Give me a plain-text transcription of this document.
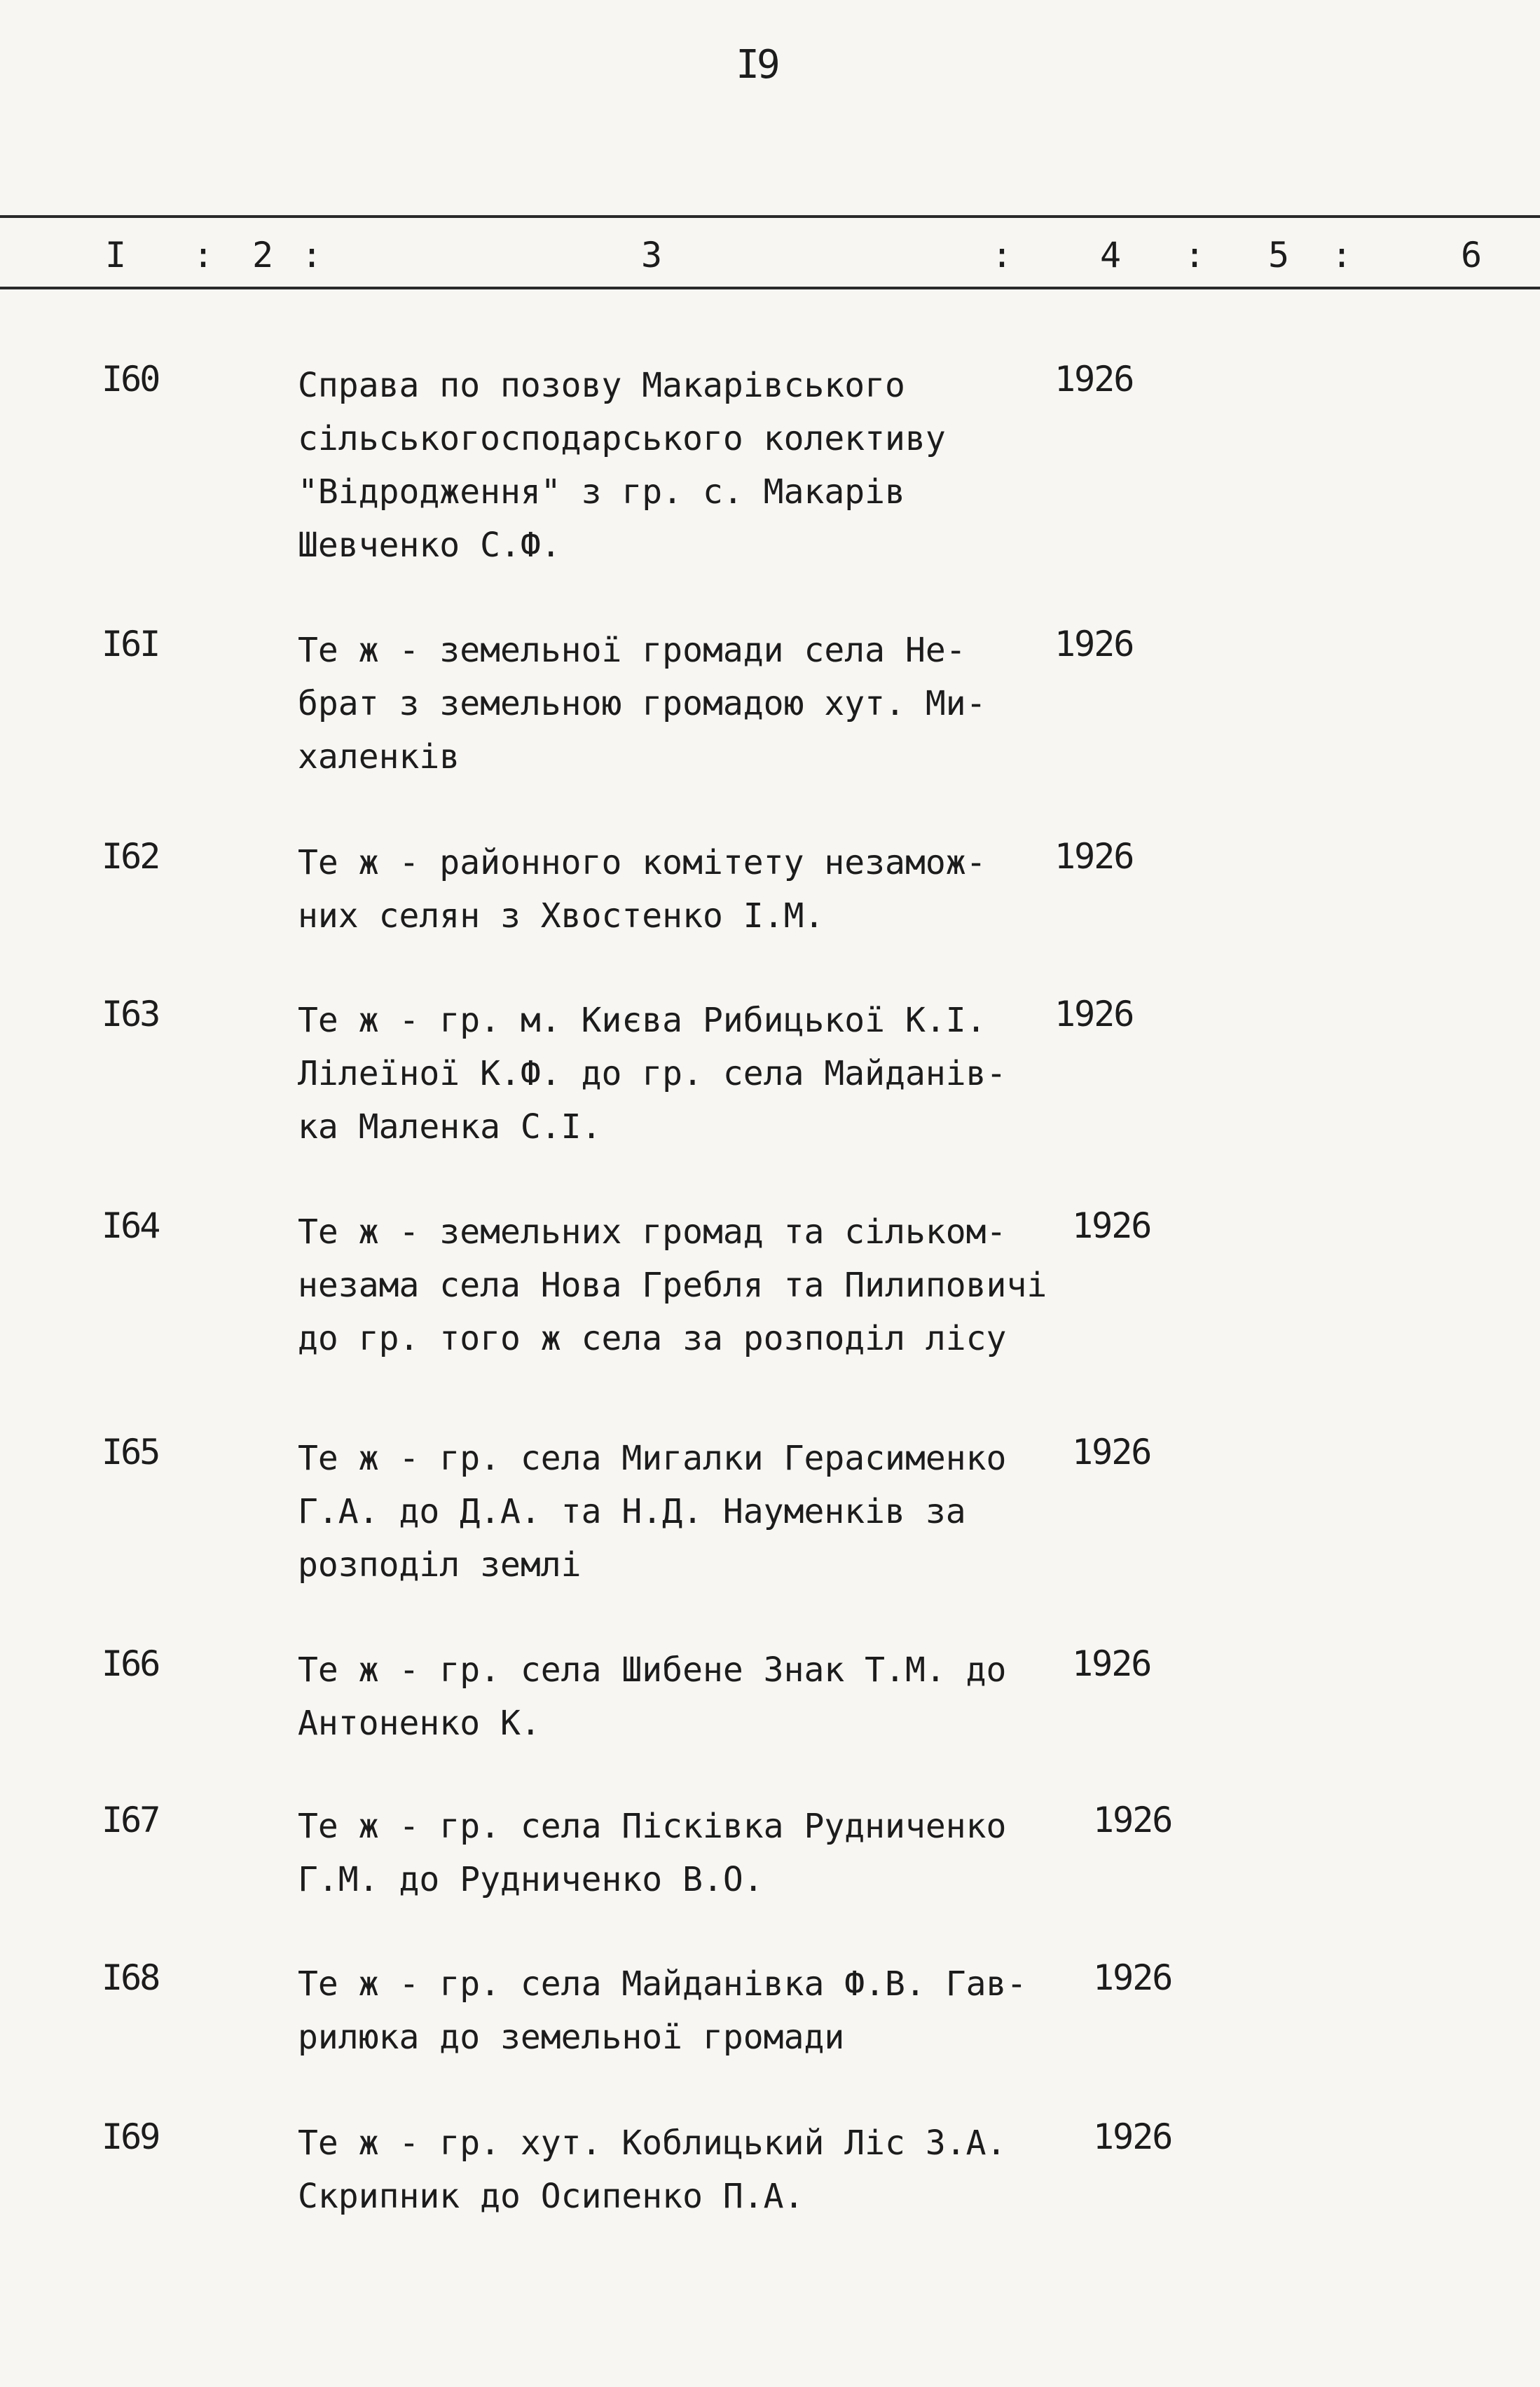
I9
I : 2 :	3	: 4 : 5 :	6
I60	Справа по позову Макарівського
сільськогосподарського колективу
"Відродження" з гр. с. Макарів
Шевченко С.Ф.
1926
I6I	Те ж - земельної громади села Не-
брат з земельною громадою хут. Ми-
халенків
1926
I62	Те ж - районного комітету незамож-
них селян з Хвостенко І.М.
1926
I63	Те ж - гр. м. Києва Рибицької К.І.
Лілеїної К.Ф. до гр. села Майданів-
ка Маленка С.І.
1926
I64	Те ж - земельних громад та сільком-
незама села Нова Гребля та Пилиповичі
до гр. того ж села за розподіл лісу
1926
I65	Те ж - гр. села Мигалки Герасименко
Г.А. до Д.А. та Н.Д. Науменків за
розподіл землі
1926
I66	Те ж - гр. села Шибене Знак Т.М. до
Антоненко К.
1926
I67	Те ж - гр. села Пісківка Рудниченко
Г.М. до Рудниченко В.О.
1926
I68	Те ж - гр. села Майданівка Ф.В. Гав-
рилюка до земельної громади
1926
I69	Те ж - гр. хут. Коблицький Ліс З.А.
Скрипник до Осипенко П.А.
1926
